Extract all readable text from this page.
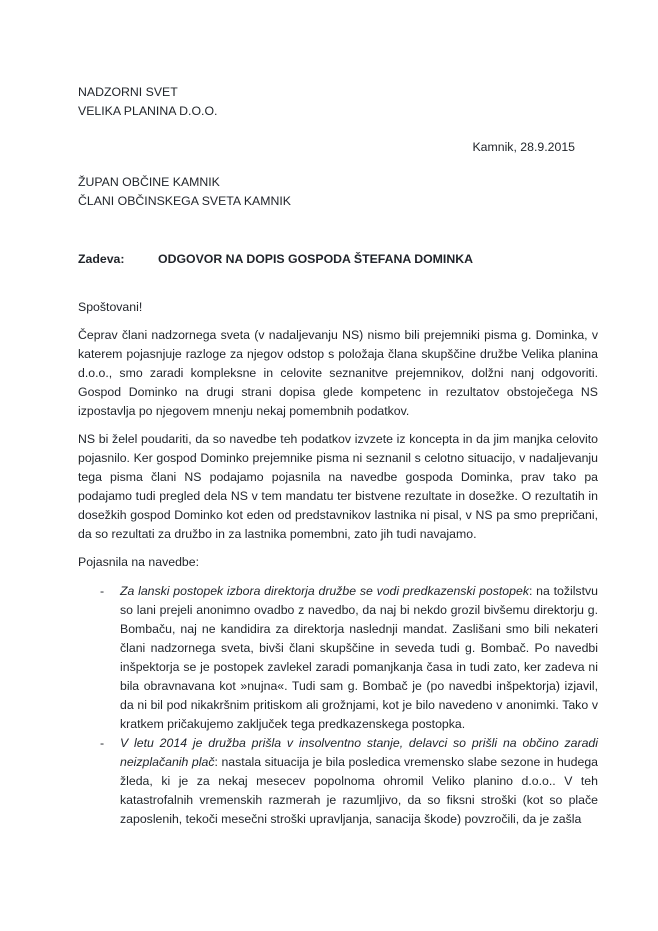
NADZORNI SVET
VELIKA PLANINA D.O.O.
Kamnik, 28.9.2015
ŽUPAN OBČINE KAMNIK
ČLANI OBČINSKEGA SVETA KAMNIK
Zadeva:	ODGOVOR NA DOPIS GOSPODA ŠTEFANA DOMINKA
Spoštovani!

Čeprav člani nadzornega sveta (v nadaljevanju NS) nismo bili prejemniki pisma g. Dominka, v katerem pojasnjuje razloge za njegov odstop s položaja člana skupščine družbe Velika planina d.o.o., smo zaradi kompleksne in celovite seznanitve prejemnikov, dolžni nanj odgovoriti. Gospod Dominko na drugi strani dopisa glede kompetenc in rezultatov obstoječega NS izpostavlja po njegovem mnenju nekaj pomembnih podatkov.

NS bi želel poudariti, da so navedbe teh podatkov izvzete iz koncepta in da jim manjka celovito pojasnilo. Ker gospod Dominko prejemnike pisma ni seznanil s celotno situacijo, v nadaljevanju tega pisma člani NS podajamo pojasnila na navedbe gospoda Dominka, prav tako pa podajamo tudi pregled dela NS v tem mandatu ter bistvene rezultate in dosežke. O rezultatih in dosežkih gospod Dominko kot eden od predstavnikov lastnika ni pisal, v NS pa smo prepričani, da so rezultati za družbo in za lastnika pomembni, zato jih tudi navajamo.

Pojasnila na navedbe:
- Za lanski postopek izbora direktorja družbe se vodi predkazenski postopek: na tožilstvu so lani prejeli anonimno ovadbo z navedbo, da naj bi nekdo grozil bivšemu direktorju g. Bombaču, naj ne kandidira za direktorja naslednji mandat. Zaslišani smo bili nekateri člani nadzornega sveta, bivši člani skupščine in seveda tudi g. Bombač. Po navedbi inšpektorja se je postopek zavlekel zaradi pomanjkanja časa in tudi zato, ker zadeva ni bila obravnavana kot »nujna«. Tudi sam g. Bombač je (po navedbi inšpektorja) izjavil, da ni bil pod nikakršnim pritiskom ali grožnjami, kot je bilo navedeno v anonimki. Tako v kratkem pričakujemo zaključek tega predkazenskega postopka.
- V letu 2014 je družba prišla v insolventno stanje, delavci so prišli na občino zaradi neizplačanih plač: nastala situacija je bila posledica vremensko slabe sezone in hudega žleda, ki je za nekaj mesecev popolnoma ohromil Veliko planino d.o.o.. V teh katastrofalnih vremenskih razmerah je razumljivo, da so fiksni stroški (kot so plače zaposlenih, tekoči mesečni stroški upravljanja, sanacija škode) povzročili, da je zašla
